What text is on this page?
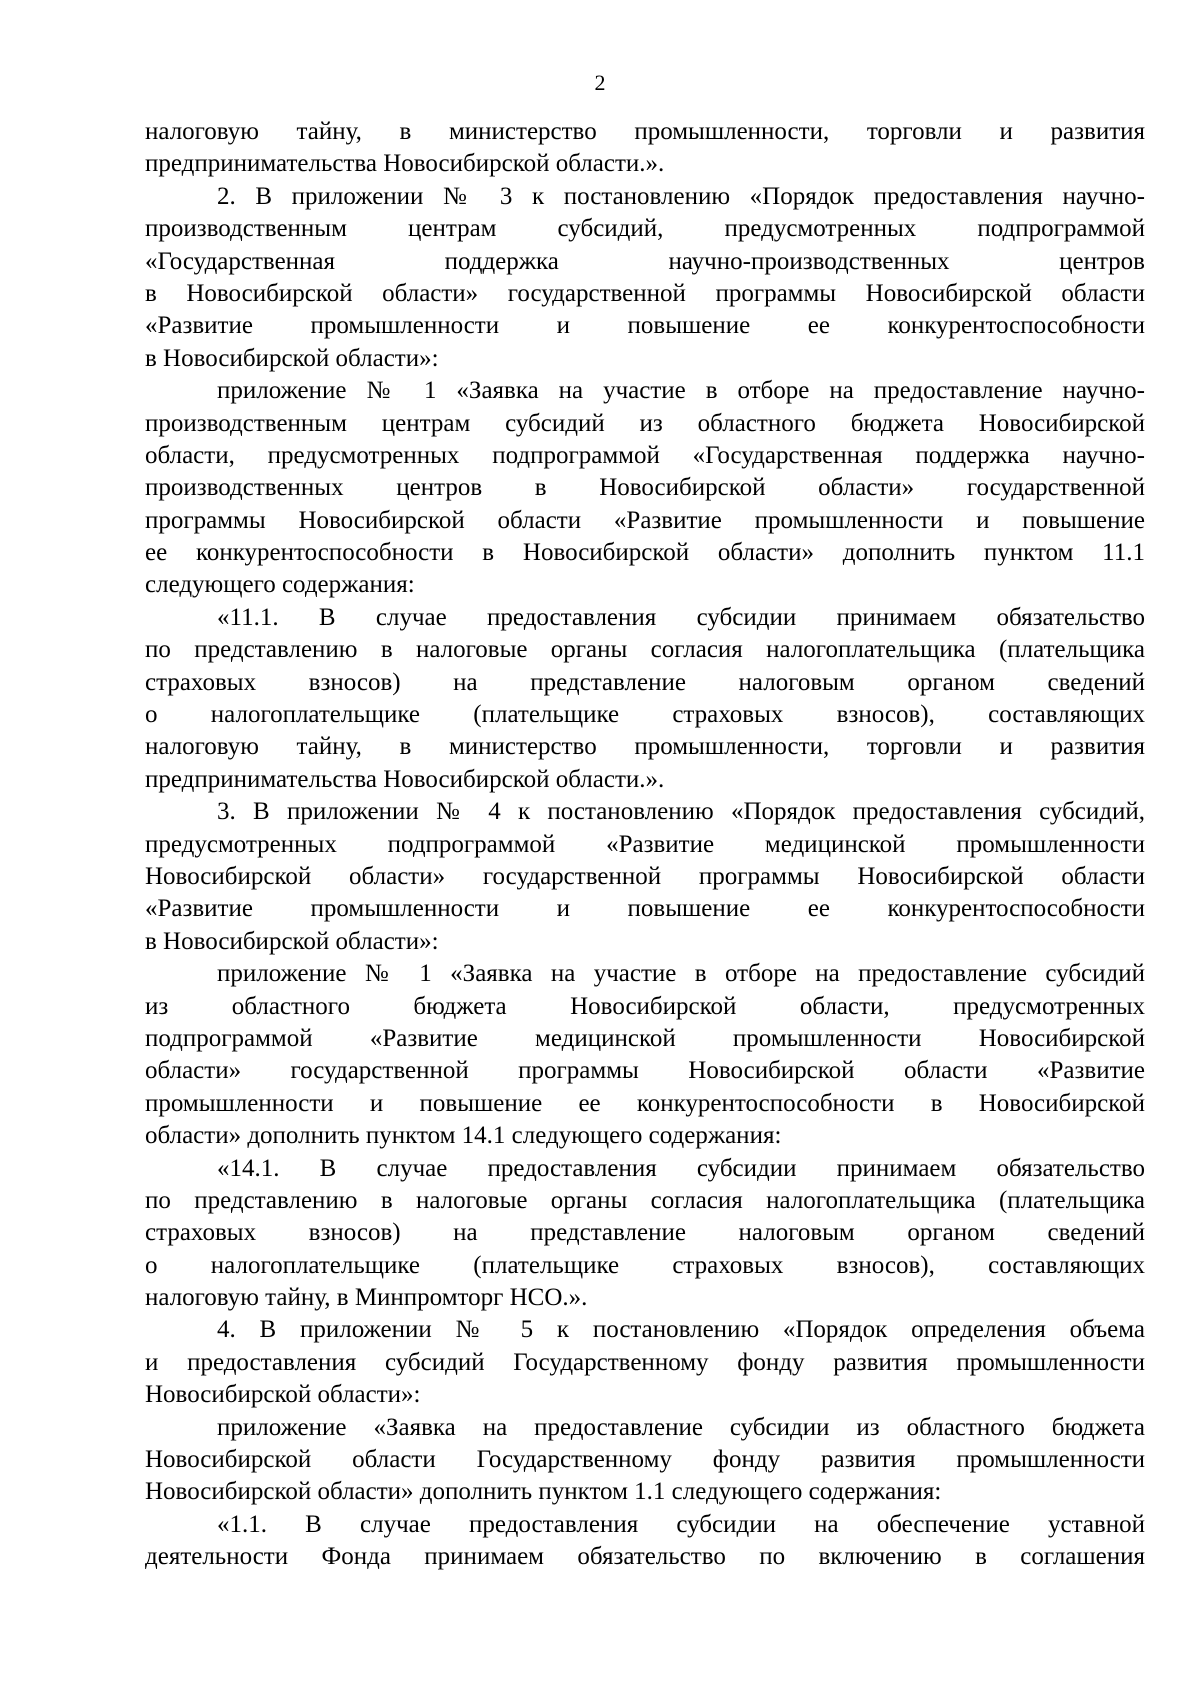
2
налоговую тайну, в министерство промышленности, торговли и развития
предпринимательства Новосибирской области.».
2. В приложении № 3 к постановлению «Порядок предоставления научно-
производственным центрам субсидий, предусмотренных подпрограммой
«Государственная поддержка научно-производственных центров
в Новосибирской области» государственной программы Новосибирской области
«Развитие промышленности и повышение ее конкурентоспособности
в Новосибирской области»:
приложение № 1 «Заявка на участие в отборе на предоставление научно-
производственным центрам субсидий из областного бюджета Новосибирской
области, предусмотренных подпрограммой «Государственная поддержка научно-
производственных центров в Новосибирской области» государственной
программы Новосибирской области «Развитие промышленности и повышение
ее конкурентоспособности в Новосибирской области» дополнить пунктом 11.1
следующего содержания:
«11.1. В случае предоставления субсидии принимаем обязательство
по представлению в налоговые органы согласия налогоплательщика (плательщика
страховых взносов) на представление налоговым органом сведений
о налогоплательщике (плательщике страховых взносов), составляющих
налоговую тайну, в министерство промышленности, торговли и развития
предпринимательства Новосибирской области.».
3. В приложении № 4 к постановлению «Порядок предоставления субсидий,
предусмотренных подпрограммой «Развитие медицинской промышленности
Новосибирской области» государственной программы Новосибирской области
«Развитие промышленности и повышение ее конкурентоспособности
в Новосибирской области»:
приложение № 1 «Заявка на участие в отборе на предоставление субсидий
из областного бюджета Новосибирской области, предусмотренных
подпрограммой «Развитие медицинской промышленности Новосибирской
области» государственной программы Новосибирской области «Развитие
промышленности и повышение ее конкурентоспособности в Новосибирской
области» дополнить пунктом 14.1 следующего содержания:
«14.1. В случае предоставления субсидии принимаем обязательство
по представлению в налоговые органы согласия налогоплательщика (плательщика
страховых взносов) на представление налоговым органом сведений
о налогоплательщике (плательщике страховых взносов), составляющих
налоговую тайну, в Минпромторг НСО.».
4. В приложении № 5 к постановлению «Порядок определения объема
и предоставления субсидий Государственному фонду развития промышленности
Новосибирской области»:
приложение «Заявка на предоставление субсидии из областного бюджета
Новосибирской области Государственному фонду развития промышленности
Новосибирской области» дополнить пунктом 1.1 следующего содержания:
«1.1. В случае предоставления субсидии на обеспечение уставной
деятельности Фонда принимаем обязательство по включению в соглашения
